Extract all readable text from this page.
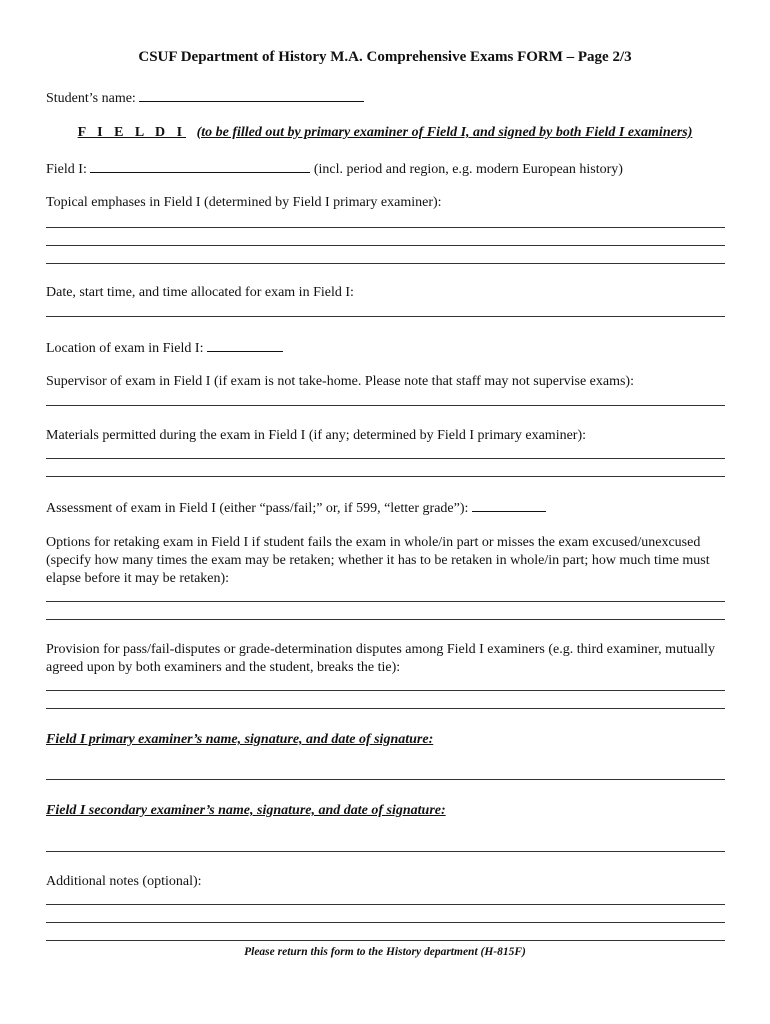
CSUF Department of History M.A. Comprehensive Exams FORM – Page 2/3
Student’s name:
F I E L D I (to be filled out by primary examiner of Field I, and signed by both Field I examiners)
Field I:	(incl. period and region, e.g. modern European history)
Topical emphases in Field I (determined by Field I primary examiner):
Date, start time, and time allocated for exam in Field I:
Location of exam in Field I:
Supervisor of exam in Field I (if exam is not take-home. Please note that staff may not supervise exams):
Materials permitted during the exam in Field I (if any; determined by Field I primary examiner):
Assessment of exam in Field I (either “pass/fail;” or, if 599, “letter grade”):
Options for retaking exam in Field I if student fails the exam in whole/in part or misses the exam excused/unexcused (specify how many times the exam may be retaken; whether it has to be retaken in whole/in part; how much time must elapse before it may be retaken):
Provision for pass/fail-disputes or grade-determination disputes among Field I examiners (e.g. third examiner, mutually agreed upon by both examiners and the student, breaks the tie):
Field I primary examiner’s name, signature, and date of signature:
Field I secondary examiner’s name, signature, and date of signature:
Additional notes (optional):
Please return this form to the History department (H-815F)
